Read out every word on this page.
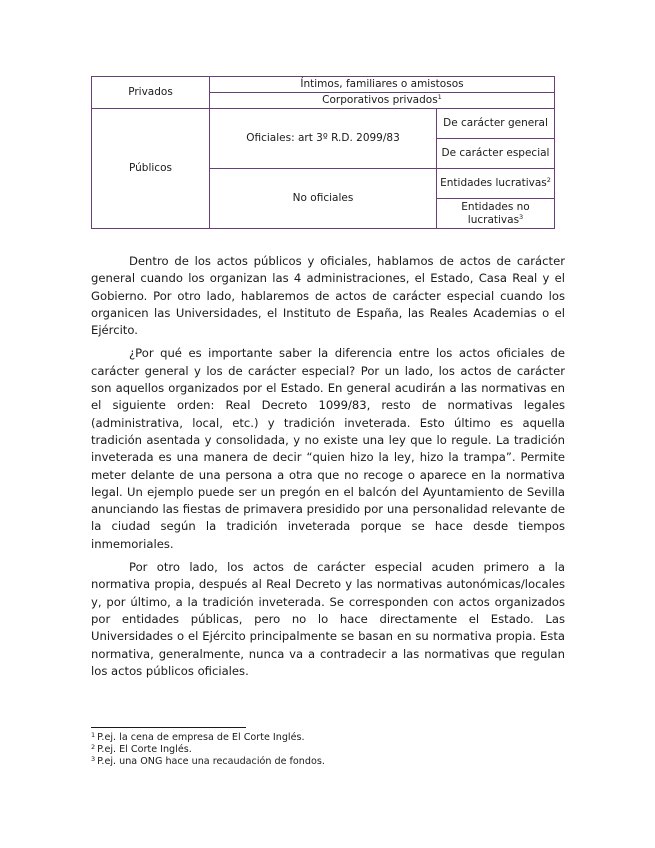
Privados	Íntimos, familiares o amistosos	
	Corporativos privados$^1$
Públicos	Oficiales: art 3º R.D. 2099/83	De carácter general
		De carácter especial
	No oficiales	Entidades lucrativas$^2$
		Entidades no lucrativas$^3$

Dentro de los actos públicos y oficiales, hablamos de actos de carácter general cuando los organizan las 4 administraciones, el Estado, Casa Real y el Gobierno. Por otro lado, hablaremos de actos de carácter especial cuando los organicen las Universidades, el Instituto de España, las Reales Academias o el Ejército.

¿Por qué es importante saber la diferencia entre los actos oficiales de carácter general y los de carácter especial? Por un lado, los actos de carácter son aquellos organizados por el Estado. En general acudirán a las normativas en el siguiente orden: Real Decreto 1099/83, resto de normativas legales (administrativa, local, etc.) y tradición inveterada. Esto último es aquella tradición asentada y consolidada, y no existe una ley que lo regule. La tradición inveterada es una manera de decir “quien hizo la ley, hizo la trampa”. Permite meter delante de una persona a otra que no recoge o aparece en la normativa legal. Un ejemplo puede ser un pregón en el balcón del Ayuntamiento de Sevilla anunciando las fiestas de primavera presidido por una personalidad relevante de la ciudad según la tradición inveterada porque se hace desde tiempos inmemoriales.

Por otro lado, los actos de carácter especial acuden primero a la normativa propia, después al Real Decreto y las normativas autonómicas/locales y, por último, a la tradición inveterada. Se corresponden con actos organizados por entidades públicas, pero no lo hace directamente el Estado. Las Universidades o el Ejército principalmente se basan en su normativa propia. Esta normativa, generalmente, nunca va a contradecir a las normativas que regulan los actos públicos oficiales.

$^1$ P.ej. la cena de empresa de El Corte Inglés.
$^2$ P.ej. El Corte Inglés.
$^3$ P.ej. una ONG hace una recaudación de fondos.
